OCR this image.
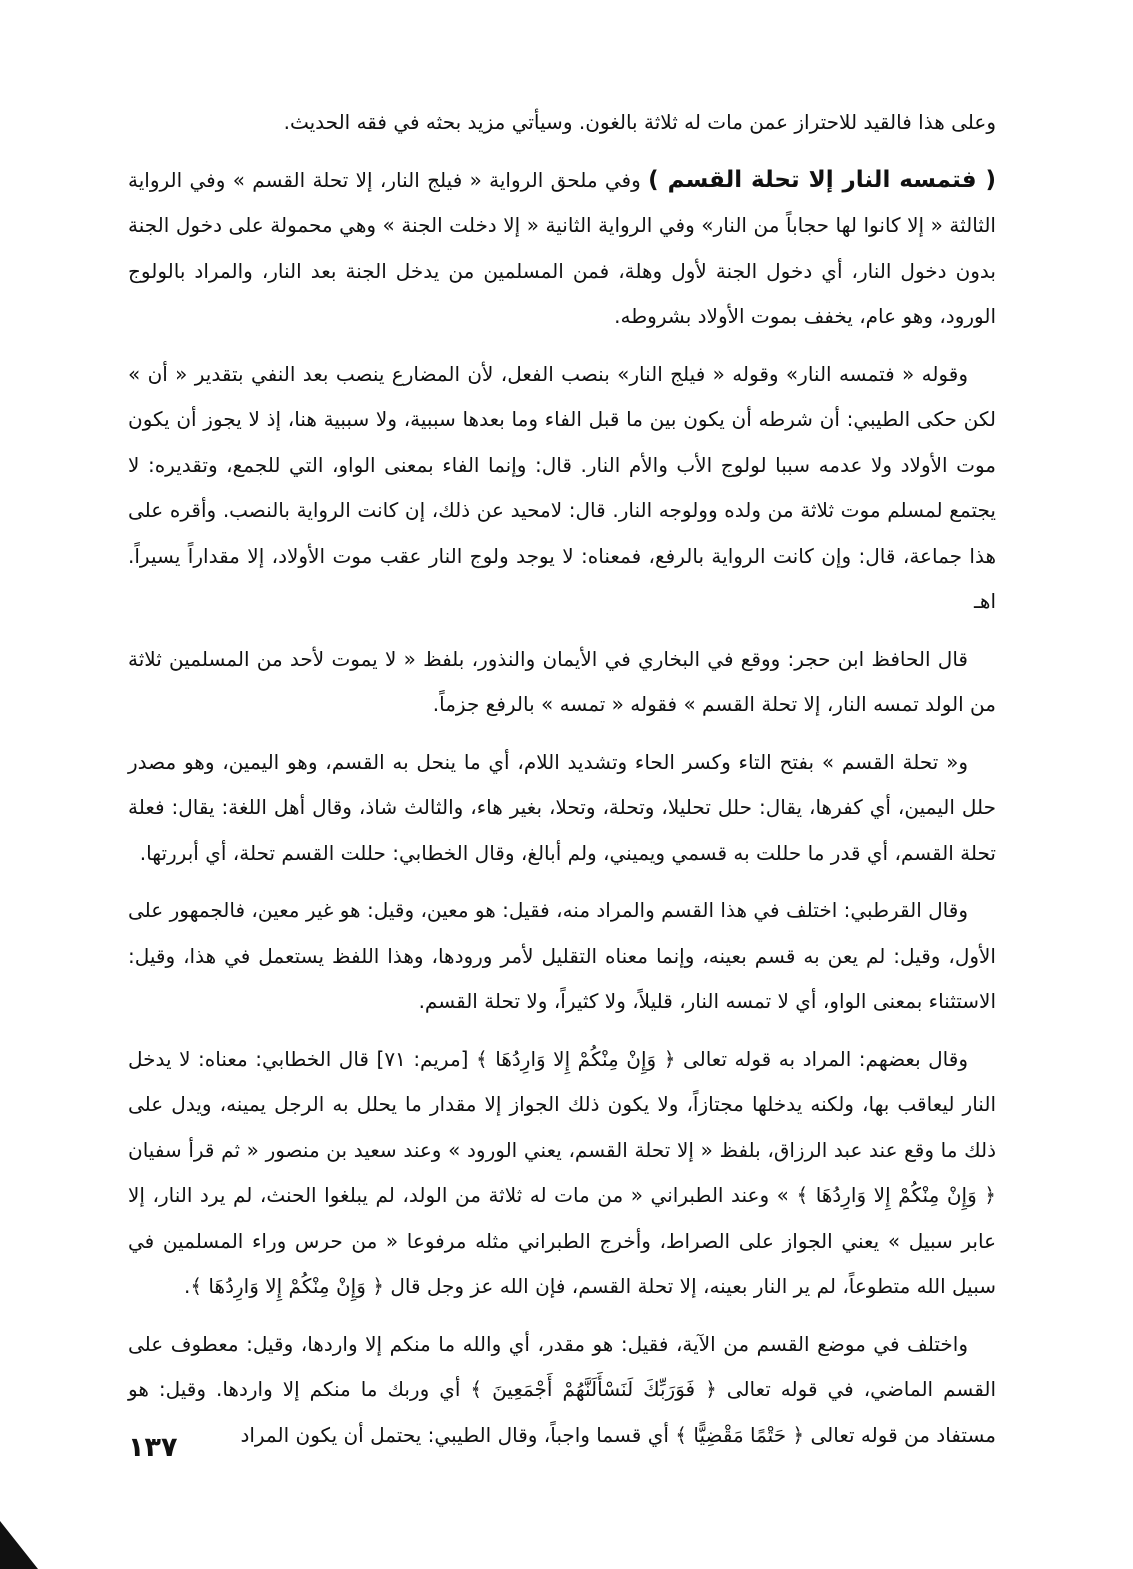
وعلى هذا فالقيد للاحتراز عمن مات له ثلاثة بالغون. وسيأتي مزيد بحثه في فقه الحديث.

( فتمسه النار إلا تحلة القسم ) وفي ملحق الرواية « فيلج النار، إلا تحلة القسم » وفي الرواية الثالثة « إلا كانوا لها حجاباً من النار» وفي الرواية الثانية « إلا دخلت الجنة » وهي محمولة على دخول الجنة بدون دخول النار، أي دخول الجنة لأول وهلة، فمن المسلمين من يدخل الجنة بعد النار، والمراد بالولوج الورود، وهو عام، يخفف بموت الأولاد بشروطه.

وقوله « فتمسه النار» وقوله « فيلج النار» بنصب الفعل، لأن المضارع ينصب بعد النفي بتقدير « أن » لكن حكى الطيبي: أن شرطه أن يكون بين ما قبل الفاء وما بعدها سببية، ولا سببية هنا، إذ لا يجوز أن يكون موت الأولاد ولا عدمه سببا لولوج الأب والأم النار. قال: وإنما الفاء بمعنى الواو، التي للجمع، وتقديره: لا يجتمع لمسلم موت ثلاثة من ولده وولوجه النار. قال: لامحيد عن ذلك، إن كانت الرواية بالنصب. وأقره على هذا جماعة، قال: وإن كانت الرواية بالرفع، فمعناه: لا يوجد ولوج النار عقب موت الأولاد، إلا مقداراً يسيراً. اهـ

قال الحافظ ابن حجر: ووقع في البخاري في الأيمان والنذور، بلفظ « لا يموت لأحد من المسلمين ثلاثة من الولد تمسه النار، إلا تحلة القسم » فقوله « تمسه » بالرفع جزماً.

و« تحلة القسم » بفتح التاء وكسر الحاء وتشديد اللام، أي ما ينحل به القسم، وهو اليمين، وهو مصدر حلل اليمين، أي كفرها، يقال: حلل تحليلا، وتحلة، وتحلا، بغير هاء، والثالث شاذ، وقال أهل اللغة: يقال: فعلة تحلة القسم، أي قدر ما حللت به قسمي ويميني، ولم أبالغ، وقال الخطابي: حللت القسم تحلة، أي أبررتها.

وقال القرطبي: اختلف في هذا القسم والمراد منه، فقيل: هو معين، وقيل: هو غير معين، فالجمهور على الأول، وقيل: لم يعن به قسم بعينه، وإنما معناه التقليل لأمر ورودها، وهذا اللفظ يستعمل في هذا، وقيل: الاستثناء بمعنى الواو، أي لا تمسه النار، قليلاً، ولا كثيراً، ولا تحلة القسم.

وقال بعضهم: المراد به قوله تعالى ﴿ وَإِنْ مِنْكُمْ إِلا وَارِدُهَا ﴾ [مريم: ٧١] قال الخطابي: معناه: لا يدخل النار ليعاقب بها، ولكنه يدخلها مجتازاً، ولا يكون ذلك الجواز إلا مقدار ما يحلل به الرجل يمينه، ويدل على ذلك ما وقع عند عبد الرزاق، بلفظ « إلا تحلة القسم، يعني الورود » وعند سعيد بن منصور « ثم قرأ سفيان ﴿ وَإِنْ مِنْكُمْ إِلا وَارِدُهَا ﴾ » وعند الطبراني « من مات له ثلاثة من الولد، لم يبلغوا الحنث، لم يرد النار، إلا عابر سبيل » يعني الجواز على الصراط، وأخرج الطبراني مثله مرفوعا « من حرس وراء المسلمين في سبيل الله متطوعاً، لم ير النار بعينه، إلا تحلة القسم، فإن الله عز وجل قال ﴿ وَإِنْ مِنْكُمْ إِلا وَارِدُهَا ﴾.

واختلف في موضع القسم من الآية، فقيل: هو مقدر، أي والله ما منكم إلا واردها، وقيل: معطوف على القسم الماضي، في قوله تعالى ﴿ فَوَرَبِّكَ لَنَسْأَلَنَّهُمْ أَجْمَعِينَ ﴾ أي وربك ما منكم إلا واردها. وقيل: هو مستفاد من قوله تعالى ﴿ حَتْمًا مَقْضِيًّا ﴾ أي قسما واجباً، وقال الطيبي: يحتمل أن يكون المراد

١٣٧
